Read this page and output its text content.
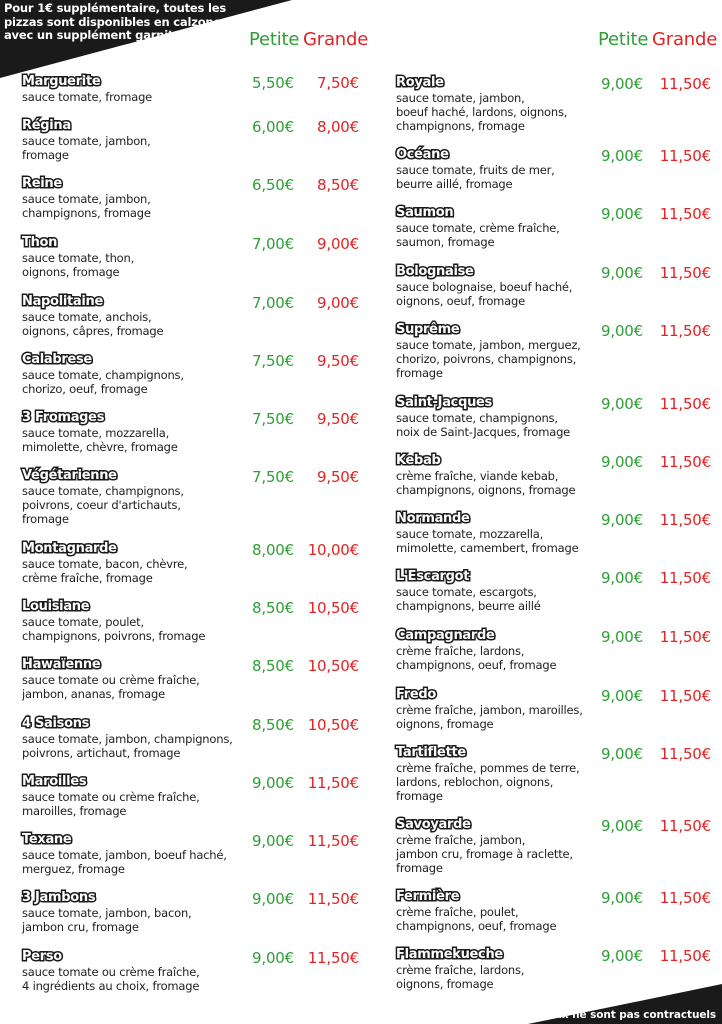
Pour 1€ supplémentaire, toutes les pizzas sont disponibles en calzone ou avec un supplément garniture	Petite Grande	Petite Grande
Marguerite
sauce tomate, fromage
5,50€ 7,50€
Régina
sauce tomate, jambon,
fromage
6,00€ 8,00€
Reine
sauce tomate, jambon,
champignons, fromage
6,50€ 8,50€
Thon
sauce tomate, thon,
oignons, fromage
7,00€ 9,00€
Napolitaine
sauce tomate, anchois,
oignons, câpres, fromage
7,00€ 9,00€
Calabrese
sauce tomate, champignons,
chorizo, oeuf, fromage
7,50€ 9,50€
3 Fromages
sauce tomate, mozzarella,
mimolette, chèvre, fromage
7,50€ 9,50€
Végétarienne
sauce tomate, champignons,
poivrons, coeur d'artichauts,
fromage
7,50€ 9,50€
Montagnarde
sauce tomate, bacon, chèvre,
crème fraîche, fromage
8,00€ 10,00€
Louisiane
sauce tomate, poulet,
champignons, poivrons, fromage
8,50€ 10,50€
Hawaïenne
sauce tomate ou crème fraîche,
jambon, ananas, fromage
8,50€ 10,50€
4 Saisons
sauce tomate, jambon, champignons,
poivrons, artichaut, fromage
8,50€ 10,50€
Maroilles
sauce tomate ou crème fraîche,
maroilles, fromage
9,00€ 11,50€
Texane
sauce tomate, jambon, boeuf haché,
merguez, fromage
9,00€ 11,50€
3 Jambons
sauce tomate, jambon, bacon,
jambon cru, fromage
9,00€ 11,50€
Perso
sauce tomate ou crème fraîche,
4 ingrédients au choix, fromage
9,00€ 11,50€
Royale
sauce tomate, jambon,
boeuf haché, lardons, oignons,
champignons, fromage
9,00€ 11,50€
Océane
sauce tomate, fruits de mer,
beurre aillé, fromage
9,00€ 11,50€
Saumon
sauce tomate, crème fraîche,
saumon, fromage
9,00€ 11,50€
Bolognaise
sauce bolognaise, boeuf haché,
oignons, oeuf, fromage
9,00€ 11,50€
Suprême
sauce tomate, jambon, merguez,
chorizo, poivrons, champignons,
fromage
9,00€ 11,50€
Saint-Jacques
sauce tomate, champignons,
noix de Saint-Jacques, fromage
9,00€ 11,50€
Kebab
crème fraîche, viande kebab,
champignons, oignons, fromage
9,00€ 11,50€
Normande
sauce tomate, mozzarella,
mimolette, camembert, fromage
9,00€ 11,50€
L'Escargot
sauce tomate, escargots,
champignons, beurre aillé
9,00€ 11,50€
Campagnarde
crème fraîche, lardons,
champignons, oeuf, fromage
9,00€ 11,50€
Fredo
crème fraîche, jambon, maroilles,
oignons, fromage
9,00€ 11,50€
Tartiflette
crème fraîche, pommes de terre,
lardons, reblochon, oignons,
fromage
9,00€ 11,50€
Savoyarde
crème fraîche, jambon,
jambon cru, fromage à raclette,
fromage
9,00€ 11,50€
Fermière
crème fraîche, poulet,
champignons, oeuf, fromage
9,00€ 11,50€
Flammekueche
crème fraîche, lardons,
oignons, fromage
9,00€ 11,50€
Les prix ne sont pas contractuels
